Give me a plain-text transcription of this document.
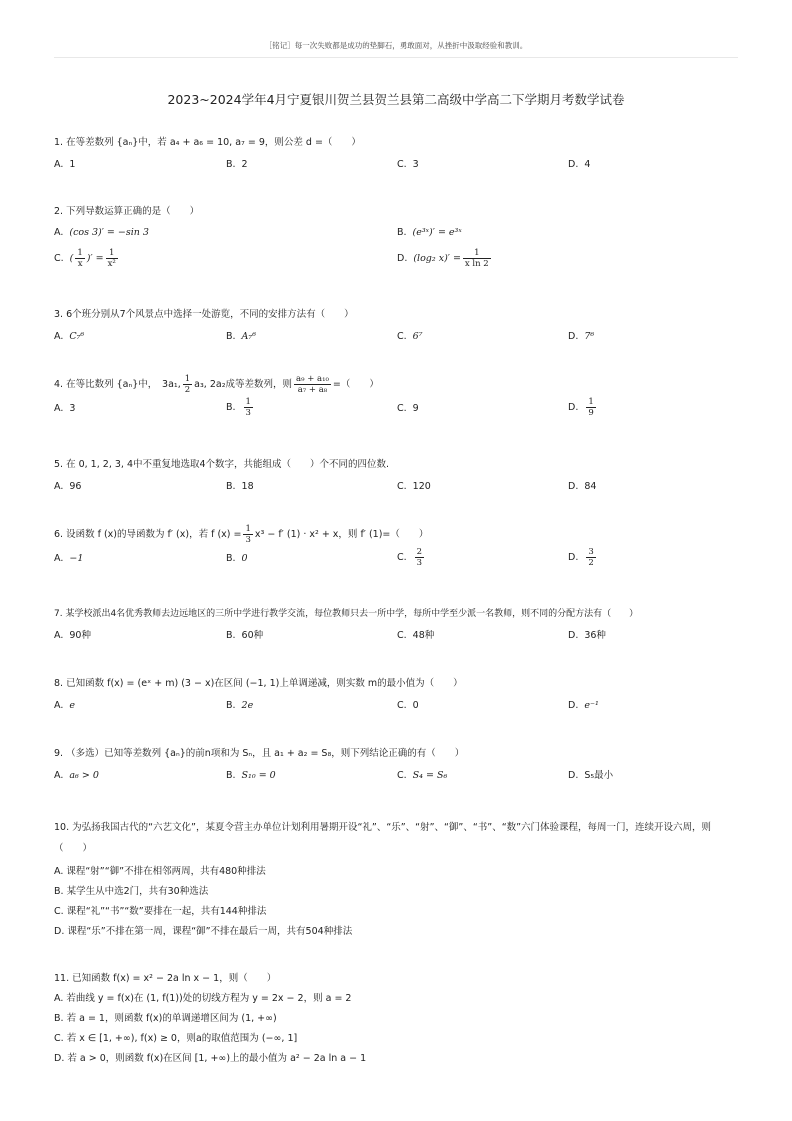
［铭记］每一次失败都是成功的垫脚石，勇敢面对，从挫折中汲取经验和教训。
2023~2024学年4月宁夏银川贺兰县贺兰县第二高级中学高二下学期月考数学试卷
1. 在等差数列 {aₙ}中，若 a₄ + a₆ = 10, a₇ = 9，则公差 d =（　　）
A. 1	B. 2	C. 3	D. 4
2. 下列导数运算正确的是（　　）
A. (cos 3)′ = −sin 3	B. (e³ˣ)′ = e³ˣ
C. ( $\frac{1}{x}$ )′ = $\frac{1}{\text{x²}}$	D. (log₂ $x)' = \frac{1}{\text{x ln 2}}$
3. 6个班分别从7个风景点中选择一处游览，不同的安排方法有（　　）
A. C₇⁶	B. A₇⁶	C. 6⁷	D. 7⁶
4. 在等比数列 {aₙ}中，　3a₁, $\frac{1}{2} a_3$, 2a₂成等差数列，则 $\frac{\text{a₉ + a₁₀}}{\text{a₇ + a₈}}$ =（　　）
A. 3	B. $\frac{1}{3}$	C. 9	D. $\frac{1}{9}$
5. 在 0, 1, 2, 3, 4中不重复地选取4个数字，共能组成（　　）个不同的四位数.
A. 96	B. 18	C. 120	D. 84
6. 设函数 f (x)的导函数为 f′ (x)，若 f $(x) = \frac{1}{3} x^3 - f'$ (1) · x² + x，则 f′ (1)=（　　）
A. −1	B. 0	C. $\frac{2}{3}$	D. $\frac{3}{2}$
7. 某学校派出4名优秀教师去边远地区的三所中学进行教学交流，每位教师只去一所中学，每所中学至少派一名教师，则不同的分配方法有（　　）
A. 90种	B. 60种	C. 48种	D. 36种
8. 已知函数 f(x) = (eˣ + m) (3 − x)在区间 (−1, 1)上单调递减，则实数 m的最小值为（　　）
A. e	B. 2e	C. 0	D. e⁻¹
9. （多选）已知等差数列 {aₙ}的前n项和为 Sₙ，且 a₁ + a₂ = S₈，则下列结论正确的有（　　）
A. a₆ > 0	B. S₁₀ = 0	C. S₄ = S₆	D. S₅最小
10. 为弘扬我国古代的“六艺文化”，某夏令营主办单位计划利用暑期开设“礼”、“乐”、“射”、“御”、“书”、“数”六门体验课程，每周一门，连续开设六周，则（　　）
A. 课程“射”“御”不排在相邻两周，共有480种排法
B. 某学生从中选2门，共有30种选法
C. 课程“礼”“书”“数”要排在一起，共有144种排法
D. 课程“乐”不排在第一周，课程“御”不排在最后一周，共有504种排法
11. 已知函数 f(x) = x² − 2a ln x − 1，则（　　）
A. 若曲线 y = f(x)在 (1, f(1))处的切线方程为 y = 2x − 2，则 a = 2
B. 若 a = 1，则函数 f(x)的单调递增区间为 (1, +∞)
C. 若 x ∈ [1, +∞), f(x) ≥ 0，则a的取值范围为 (−∞, 1]
D. 若 a > 0，则函数 f(x)在区间 [1, +∞)上的最小值为 a² − 2a ln a − 1
